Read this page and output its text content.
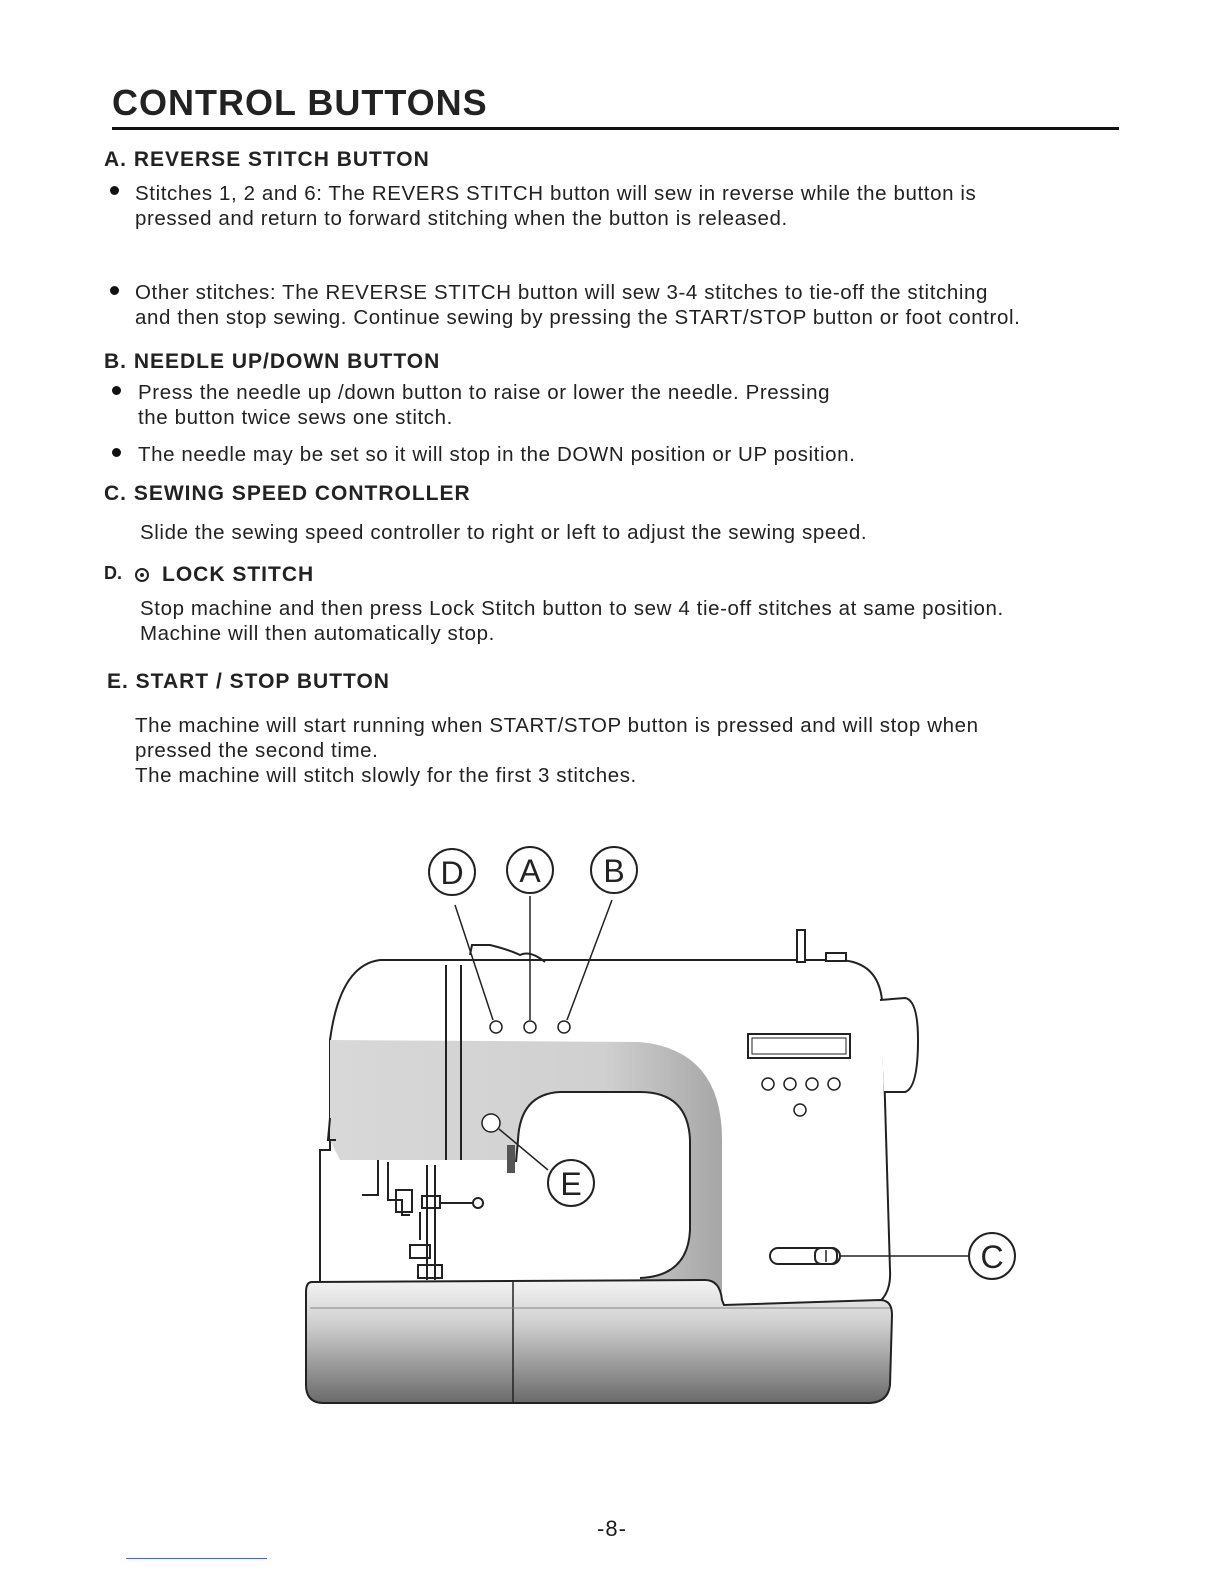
CONTROL BUTTONS
A. REVERSE STITCH BUTTON
Stitches 1, 2 and 6: The REVERS STITCH button will sew in reverse while the button is
pressed and return to forward stitching when the button is released.
Other stitches: The REVERSE STITCH button will sew 3-4 stitches to tie-off the stitching
and then stop sewing. Continue sewing by pressing the START/STOP button or foot control.
B. NEEDLE UP/DOWN BUTTON
Press the needle up /down button to raise or lower the needle. Pressing
the button twice sews one stitch.
The needle may be set so it will stop in the DOWN position or UP position.
C. SEWING SPEED CONTROLLER
Slide the sewing speed controller to right or left to adjust the sewing speed.
D. LOCK STITCH
Stop machine and then press Lock Stitch button to sew 4 tie-off stitches at same position.
Machine will then automatically stop.
E. START / STOP BUTTON
The machine will start running when START/STOP button is pressed and will stop when
pressed the second time.
The machine will stitch slowly for the first 3 stitches.
D A B
E
C
-8-
